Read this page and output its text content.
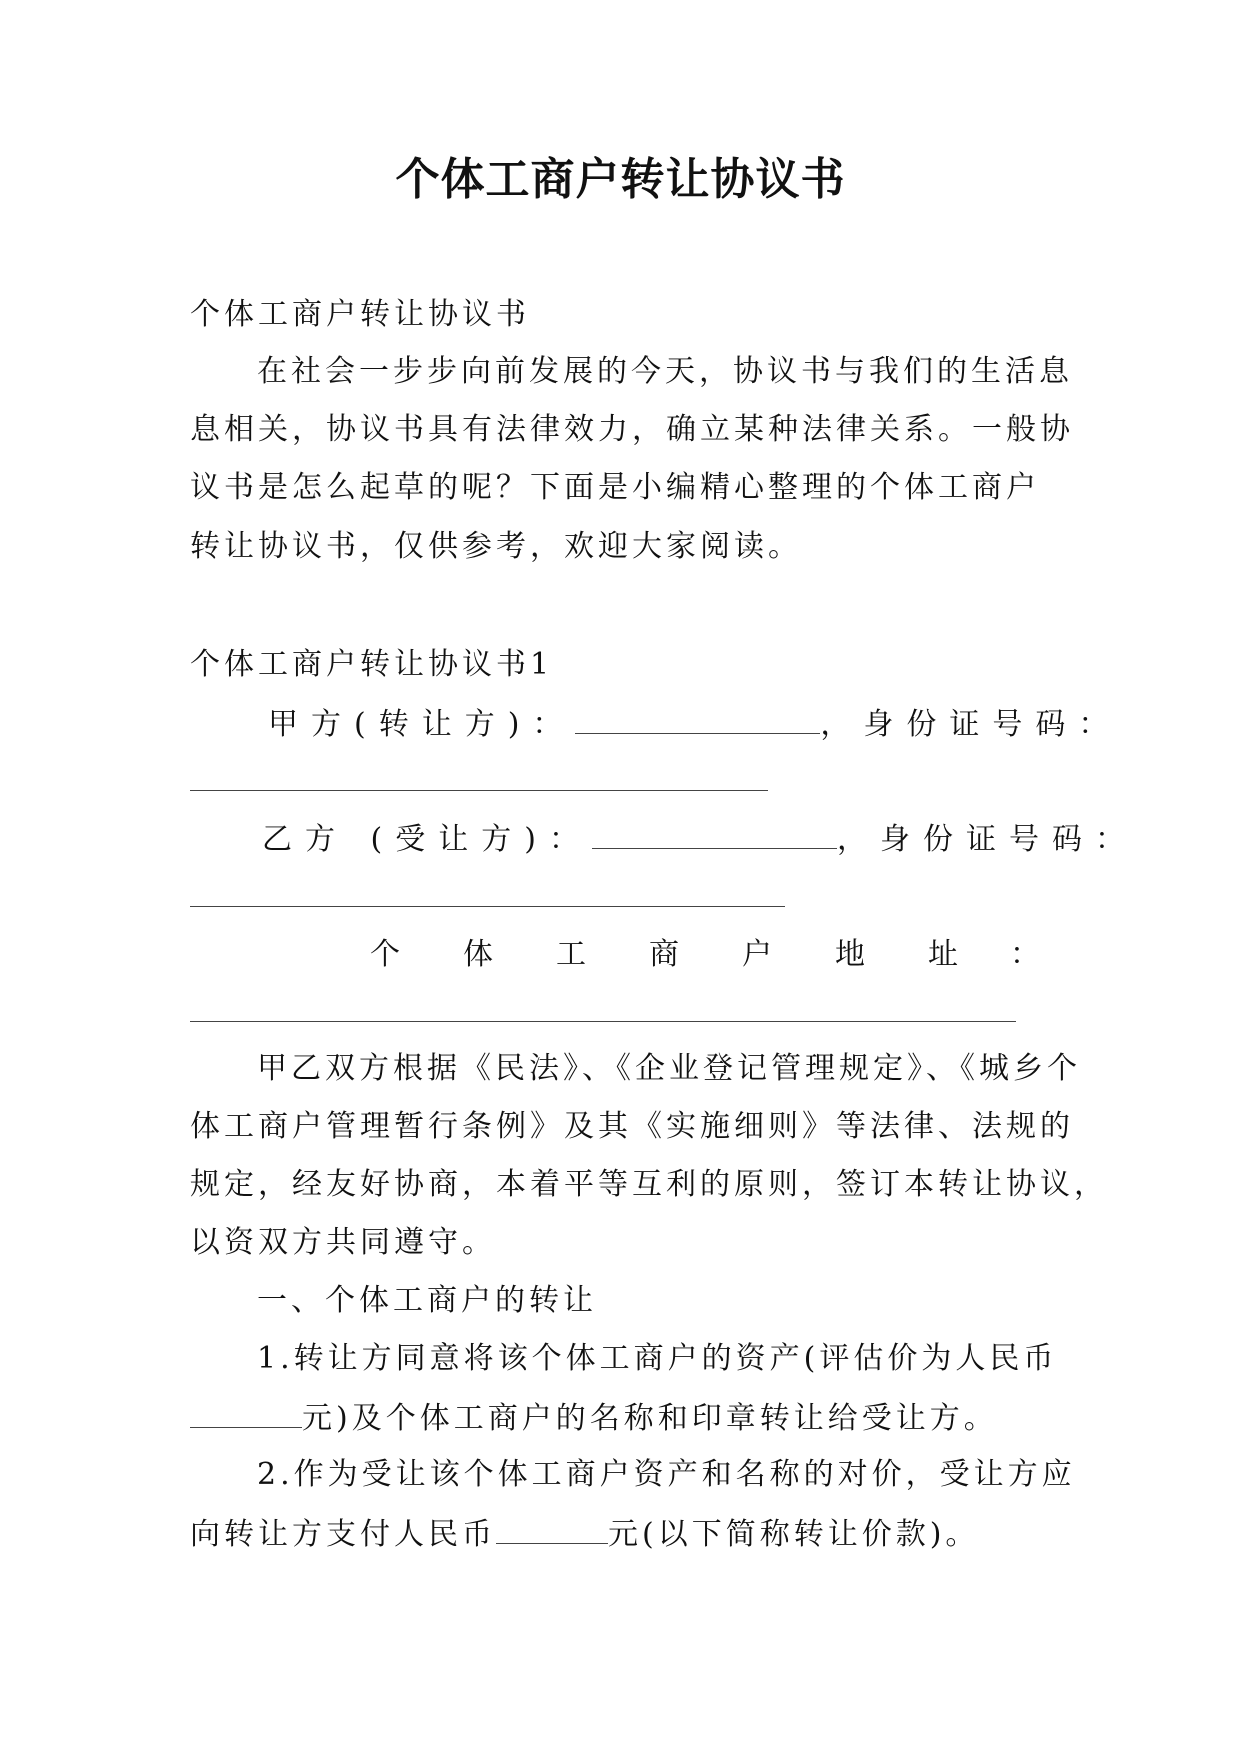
个体工商户转让协议书
个体工商户转让协议书
在社会一步步向前发展的今天，协议书与我们的生活息
息相关，协议书具有法律效力，确立某种法律关系。一般协
议书是怎么起草的呢？下面是小编精心整理的个体工商户
转让协议书，仅供参考，欢迎大家阅读。
个体工商户转让协议书1
甲方(转让方)：	，身份证号码：
乙方 (受让方)：	，身份证号码：
个 体 工 商 户 地 址 ：
甲乙双方根据《民法》、《企业登记管理规定》、《城乡个
体工商户管理暂行条例》及其《实施细则》等法律、法规的
规定，经友好协商，本着平等互利的原则，签订本转让协议，
以资双方共同遵守。
一、个体工商户的转让
1.转让方同意将该个体工商户的资产(评估价为人民币
元)及个体工商户的名称和印章转让给受让方。
2.作为受让该个体工商户资产和名称的对价，受让方应
向转让方支付人民币	元(以下简称转让价款)。
